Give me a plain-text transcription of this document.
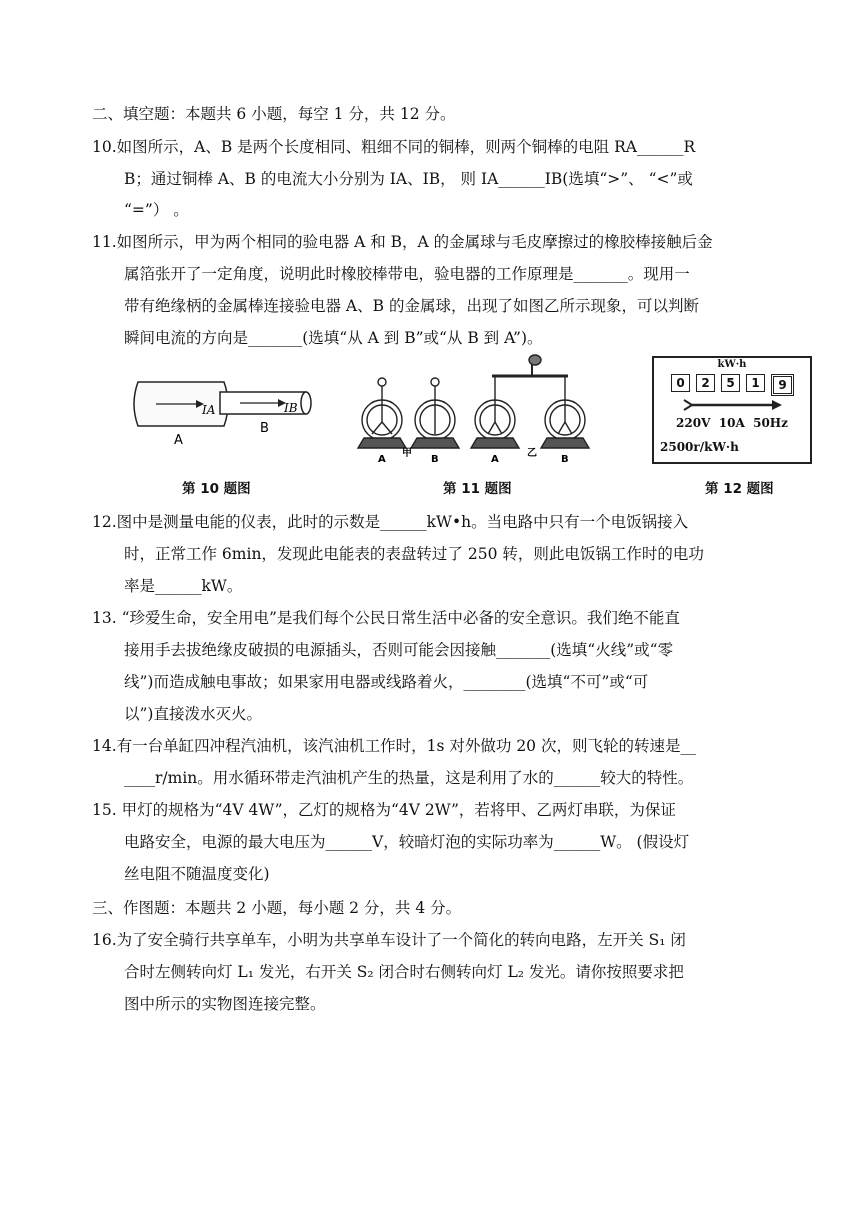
二、填空题：本题共 6 小题，每空 1 分，共 12 分。
10.如图所示，A、B 是两个长度相同、粗细不同的铜棒，则两个铜棒的电阻 RA______R
B；通过铜棒 A、B 的电流大小分别为 IA、IB， 则 IA______IB(选填“>”、 “<”或
“=”） 。
11.如图所示，甲为两个相同的验电器 A 和 B，A 的金属球与毛皮摩擦过的橡胶棒接触后金
属箔张开了一定角度，说明此时橡胶棒带电，验电器的工作原理是_______。现用一
带有绝缘柄的金属棒连接验电器 A、B 的金属球，出现了如图乙所示现象，可以判断
瞬间电流的方向是_______(选填“从 A 到 B”或“从 B 到 A”)。
IA	IB
A
B
第 10 题图
A	B	A	B
甲	乙
第 11 题图
kW·h
0	2	5	1	9
220V  10A  50Hz
2500r/kW·h
第 12 题图
12.图中是测量电能的仪表，此时的示数是______kW•h。当电路中只有一个电饭锅接入
时，正常工作 6min，发现此电能表的表盘转过了 250 转，则此电饭锅工作时的电功
率是______kW。
13. “珍爱生命，安全用电”是我们每个公民日常生活中必备的安全意识。我们绝不能直
接用手去拔绝缘皮破损的电源插头，否则可能会因接触_______(选填“火线”或“零
线”)而造成触电事故；如果家用电器或线路着火，________(选填“不可”或“可
以”)直接泼水灭火。
14.有一台单缸四冲程汽油机，该汽油机工作时，1s 对外做功 20 次，则飞轮的转速是__
____r/min。用水循环带走汽油机产生的热量，这是利用了水的______较大的特性。
15. 甲灯的规格为“4V 4W”，乙灯的规格为“4V 2W”，若将甲、乙两灯串联，为保证
电路安全，电源的最大电压为______V，较暗灯泡的实际功率为______W。 (假设灯
丝电阻不随温度变化)
三、作图题：本题共 2 小题，每小题 2 分，共 4 分。
16.为了安全骑行共享单车，小明为共享单车设计了一个简化的转向电路，左开关 S₁ 闭
合时左侧转向灯 L₁ 发光，右开关 S₂ 闭合时右侧转向灯 L₂ 发光。请你按照要求把
图中所示的实物图连接完整。
